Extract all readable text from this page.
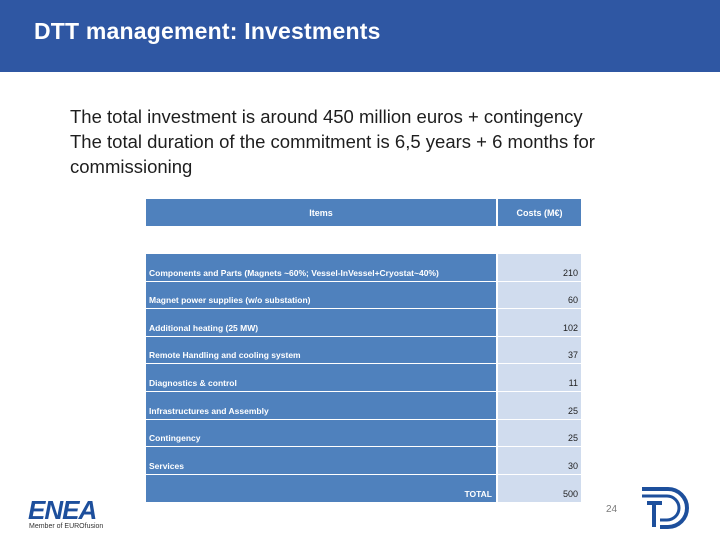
DTT management: Investments
The total investment is around 450 million euros + contingency
The total duration of the commitment is 6,5 years + 6 months for commissioning
Items		Costs (M€)

Components and Parts (Magnets ~60%; Vessel-InVessel+Cryostat~40%)		210
Magnet power supplies (w/o substation)		60
Additional heating (25 MW)		102
Remote Handling and cooling system		37
Diagnostics & control		11
Infrastructures and Assembly		25
Contingency		25
Services		30
TOTAL		500
ENEA
Member of EUROfusion
24
